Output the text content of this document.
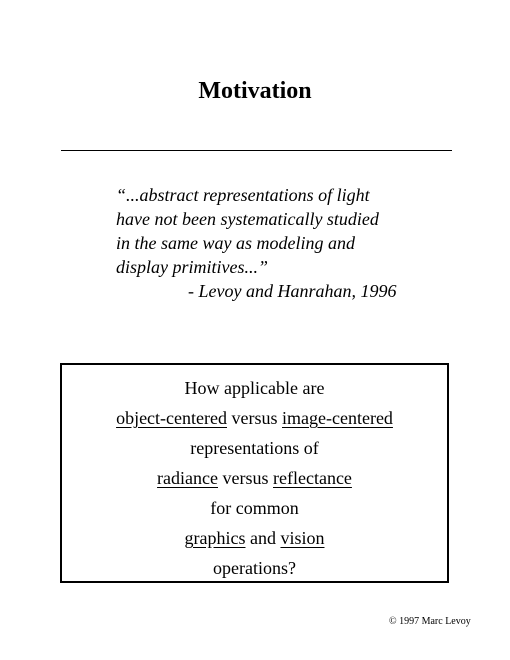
Motivation
“...abstract representations of light
have not been systematically studied
in the same way as modeling and
display primitives...”
- Levoy and Hanrahan, 1996
How applicable are
object-centered versus image-centered
representations of
radiance versus reflectance
for common
graphics and vision
operations?
© 1997 Marc Levoy
